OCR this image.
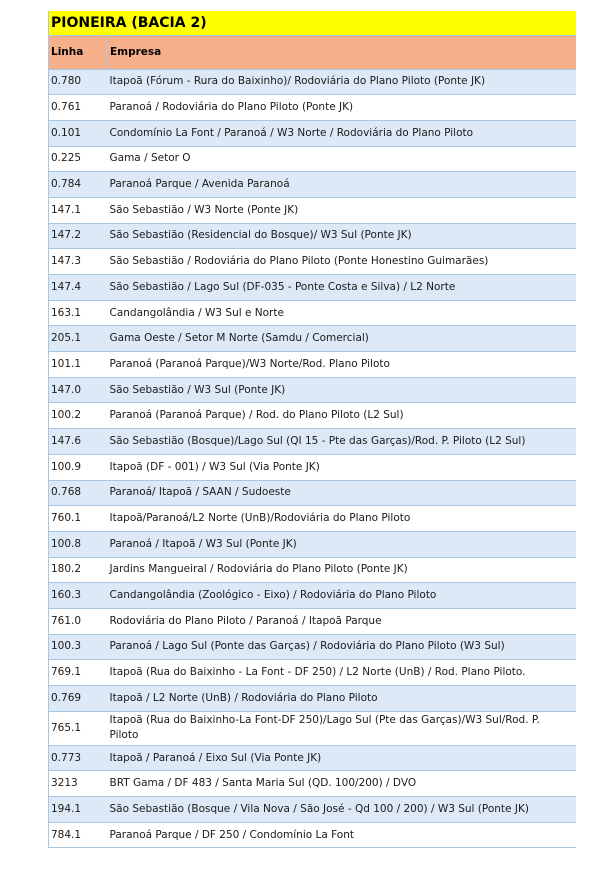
PIONEIRA (BACIA 2)	
Linha	Empresa
0.780	Itapoã (Fórum - Rura do Baixinho)/ Rodoviária do Plano Piloto (Ponte JK)
0.761	Paranoá / Rodoviária do Plano Piloto (Ponte JK)
0.101	Condomínio La Font / Paranoá / W3 Norte / Rodoviária do Plano Piloto
0.225	Gama / Setor O
0.784	Paranoá Parque / Avenida Paranoá
147.1	São Sebastião / W3 Norte (Ponte JK)
147.2	São Sebastião (Residencial do Bosque)/ W3 Sul (Ponte JK)
147.3	São Sebastião / Rodoviária do Plano Piloto (Ponte Honestino Guimarães)
147.4	São Sebastião / Lago Sul (DF-035 - Ponte Costa e Silva) / L2 Norte
163.1	Candangolândia / W3 Sul e Norte
205.1	Gama Oeste / Setor M Norte (Samdu / Comercial)
101.1	Paranoá (Paranoá Parque)/W3 Norte/Rod. Plano Piloto
147.0	São Sebastião / W3 Sul (Ponte JK)
100.2	Paranoá (Paranoá Parque) / Rod. do Plano Piloto (L2 Sul)
147.6	São Sebastião (Bosque)/Lago Sul (QI 15 - Pte das Garças)/Rod. P. Piloto (L2 Sul)
100.9	Itapoã (DF - 001) / W3 Sul (Via Ponte JK)
0.768	Paranoá/ Itapoã / SAAN / Sudoeste
760.1	Itapoã/Paranoá/L2 Norte (UnB)/Rodoviária do Plano Piloto
100.8	Paranoá / Itapoã / W3 Sul (Ponte JK)
180.2	Jardins Mangueiral / Rodoviária do Plano Piloto (Ponte JK)
160.3	Candangolândia (Zoológico - Eixo) / Rodoviária do Plano Piloto
761.0	Rodoviária do Plano Piloto / Paranoá / Itapoã Parque
100.3	Paranoá / Lago Sul (Ponte das Garças) / Rodoviária do Plano Piloto (W3 Sul)
769.1	Itapoã (Rua do Baixinho - La Font - DF 250) / L2 Norte (UnB) / Rod. Plano Piloto.
0.769	Itapoã / L2 Norte (UnB) / Rodoviária do Plano Piloto
765.1	Itapoã (Rua do Baixinho-La Font-DF 250)/Lago Sul (Pte das Garças)/W3 Sul/Rod. P. Piloto
0.773	Itapoã / Paranoá / Eixo Sul (Via Ponte JK)
3213	BRT Gama / DF 483 / Santa Maria Sul (QD. 100/200) / DVO
194.1	São Sebastião (Bosque / Vila Nova / São José - Qd 100 / 200) / W3 Sul (Ponte JK)
784.1	Paranoá Parque / DF 250 / Condomínio La Font
